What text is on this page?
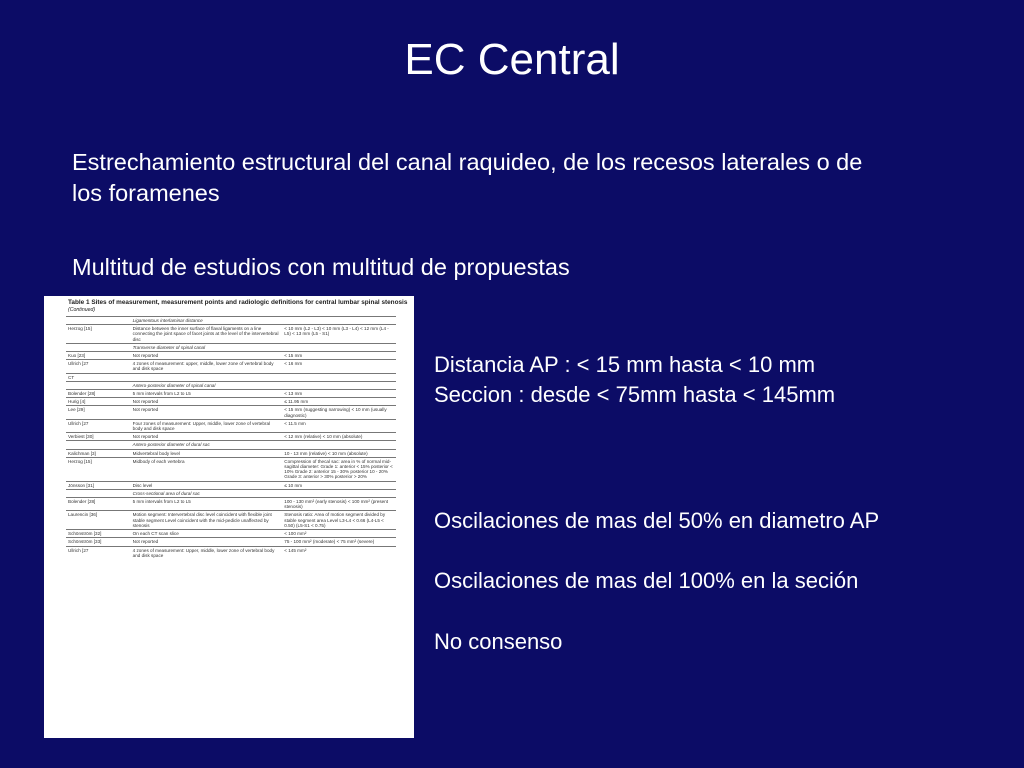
EC Central
Estrechamiento estructural del canal raquideo, de los recesos laterales o de los foramenes
Multitud de estudios con multitud de propuestas
Table 1 Sites of measurement, measurement points and radiologic definitions for central lumbar spinal stenosis
(Continued)
	Ligamentous interlaminar distance	
Herzog [15]	Distance between the inner surface of flaval ligaments on a line connecting the joint space of facet joints at the level of the intervertebral disc	< 10 mm (L2 - L3) < 10 mm (L3 - L4) < 12 mm (L4 - L5) < 13 mm (L5 - S1)
	Transverse diameter of spinal canal	
Kuo [23]	Not reported	< 15 mm
Ullrich [27	4 zones of measurement: upper, middle, lower zone of vertebral body and disk space	< 16 mm
CT		
	Antero-posterior diameter of spinal canal	
Bolender [28]	5 mm intervals from L2 to L5	< 13 mm
Hurig [4]	Not reported	≤ 11.95 mm
Lee [29]	Not reported	< 15 mm (suggesting narrowing) < 10 mm (usually diagnostic)
Ullrich [27	Four zones of measurement: Upper, middle, lower zone of vertebral body and disk space	< 11.5 mm
Verbiest [30]	Not reported	< 12 mm (relative) < 10 mm (absolute)
	Antero-posterior diameter of dural sac	
Kalichman [3]	Midvertebral body level	10 - 13 mm (relative) < 10 mm (absolute)
Herzog [15]	Midbody of each vertebra	Compression of thecal sac: area in % of normal mid-sagittal diameter: Grade 1: anterior < 15% posterior < 10% Grade 2: anterior 15 - 30% posterior 10 - 20% Grade 3: anterior > 30% posterior > 20%
Jönsson [31]	Disc level	≤ 10 mm
	Cross-sectional area of dural sac	
Bolender [28]	5 mm intervals from L2 to L5	100 - 130 mm² (early stenosis) < 100 mm² (present stenosis)
Laurencin [36]	Motion segment: Intervertebral disc level coincident with flexible joint stable segment Level coincident with the mid-pedicle unaffected by stenosis	Stenosis ratio: Area of motion segment divided by stable segment area Level L3-L4 < 0.66 (L4-L5 < 0.50) (L5-S1 < 0.75)
Schönström [32]	On each CT scan slice	< 100 mm²
Schönström [33]	Not reported	75 - 100 mm² (moderate) < 75 mm² (severe)
Ullrich [27	4 zones of measurement: Upper, middle, lower zone of vertebral body and disk space	< 145 mm²
Distancia AP : < 15 mm hasta < 10 mm
Seccion : desde < 75mm hasta < 145mm
Oscilaciones de mas del 50% en diametro AP
Oscilaciones de mas del 100% en la seción
No consenso
